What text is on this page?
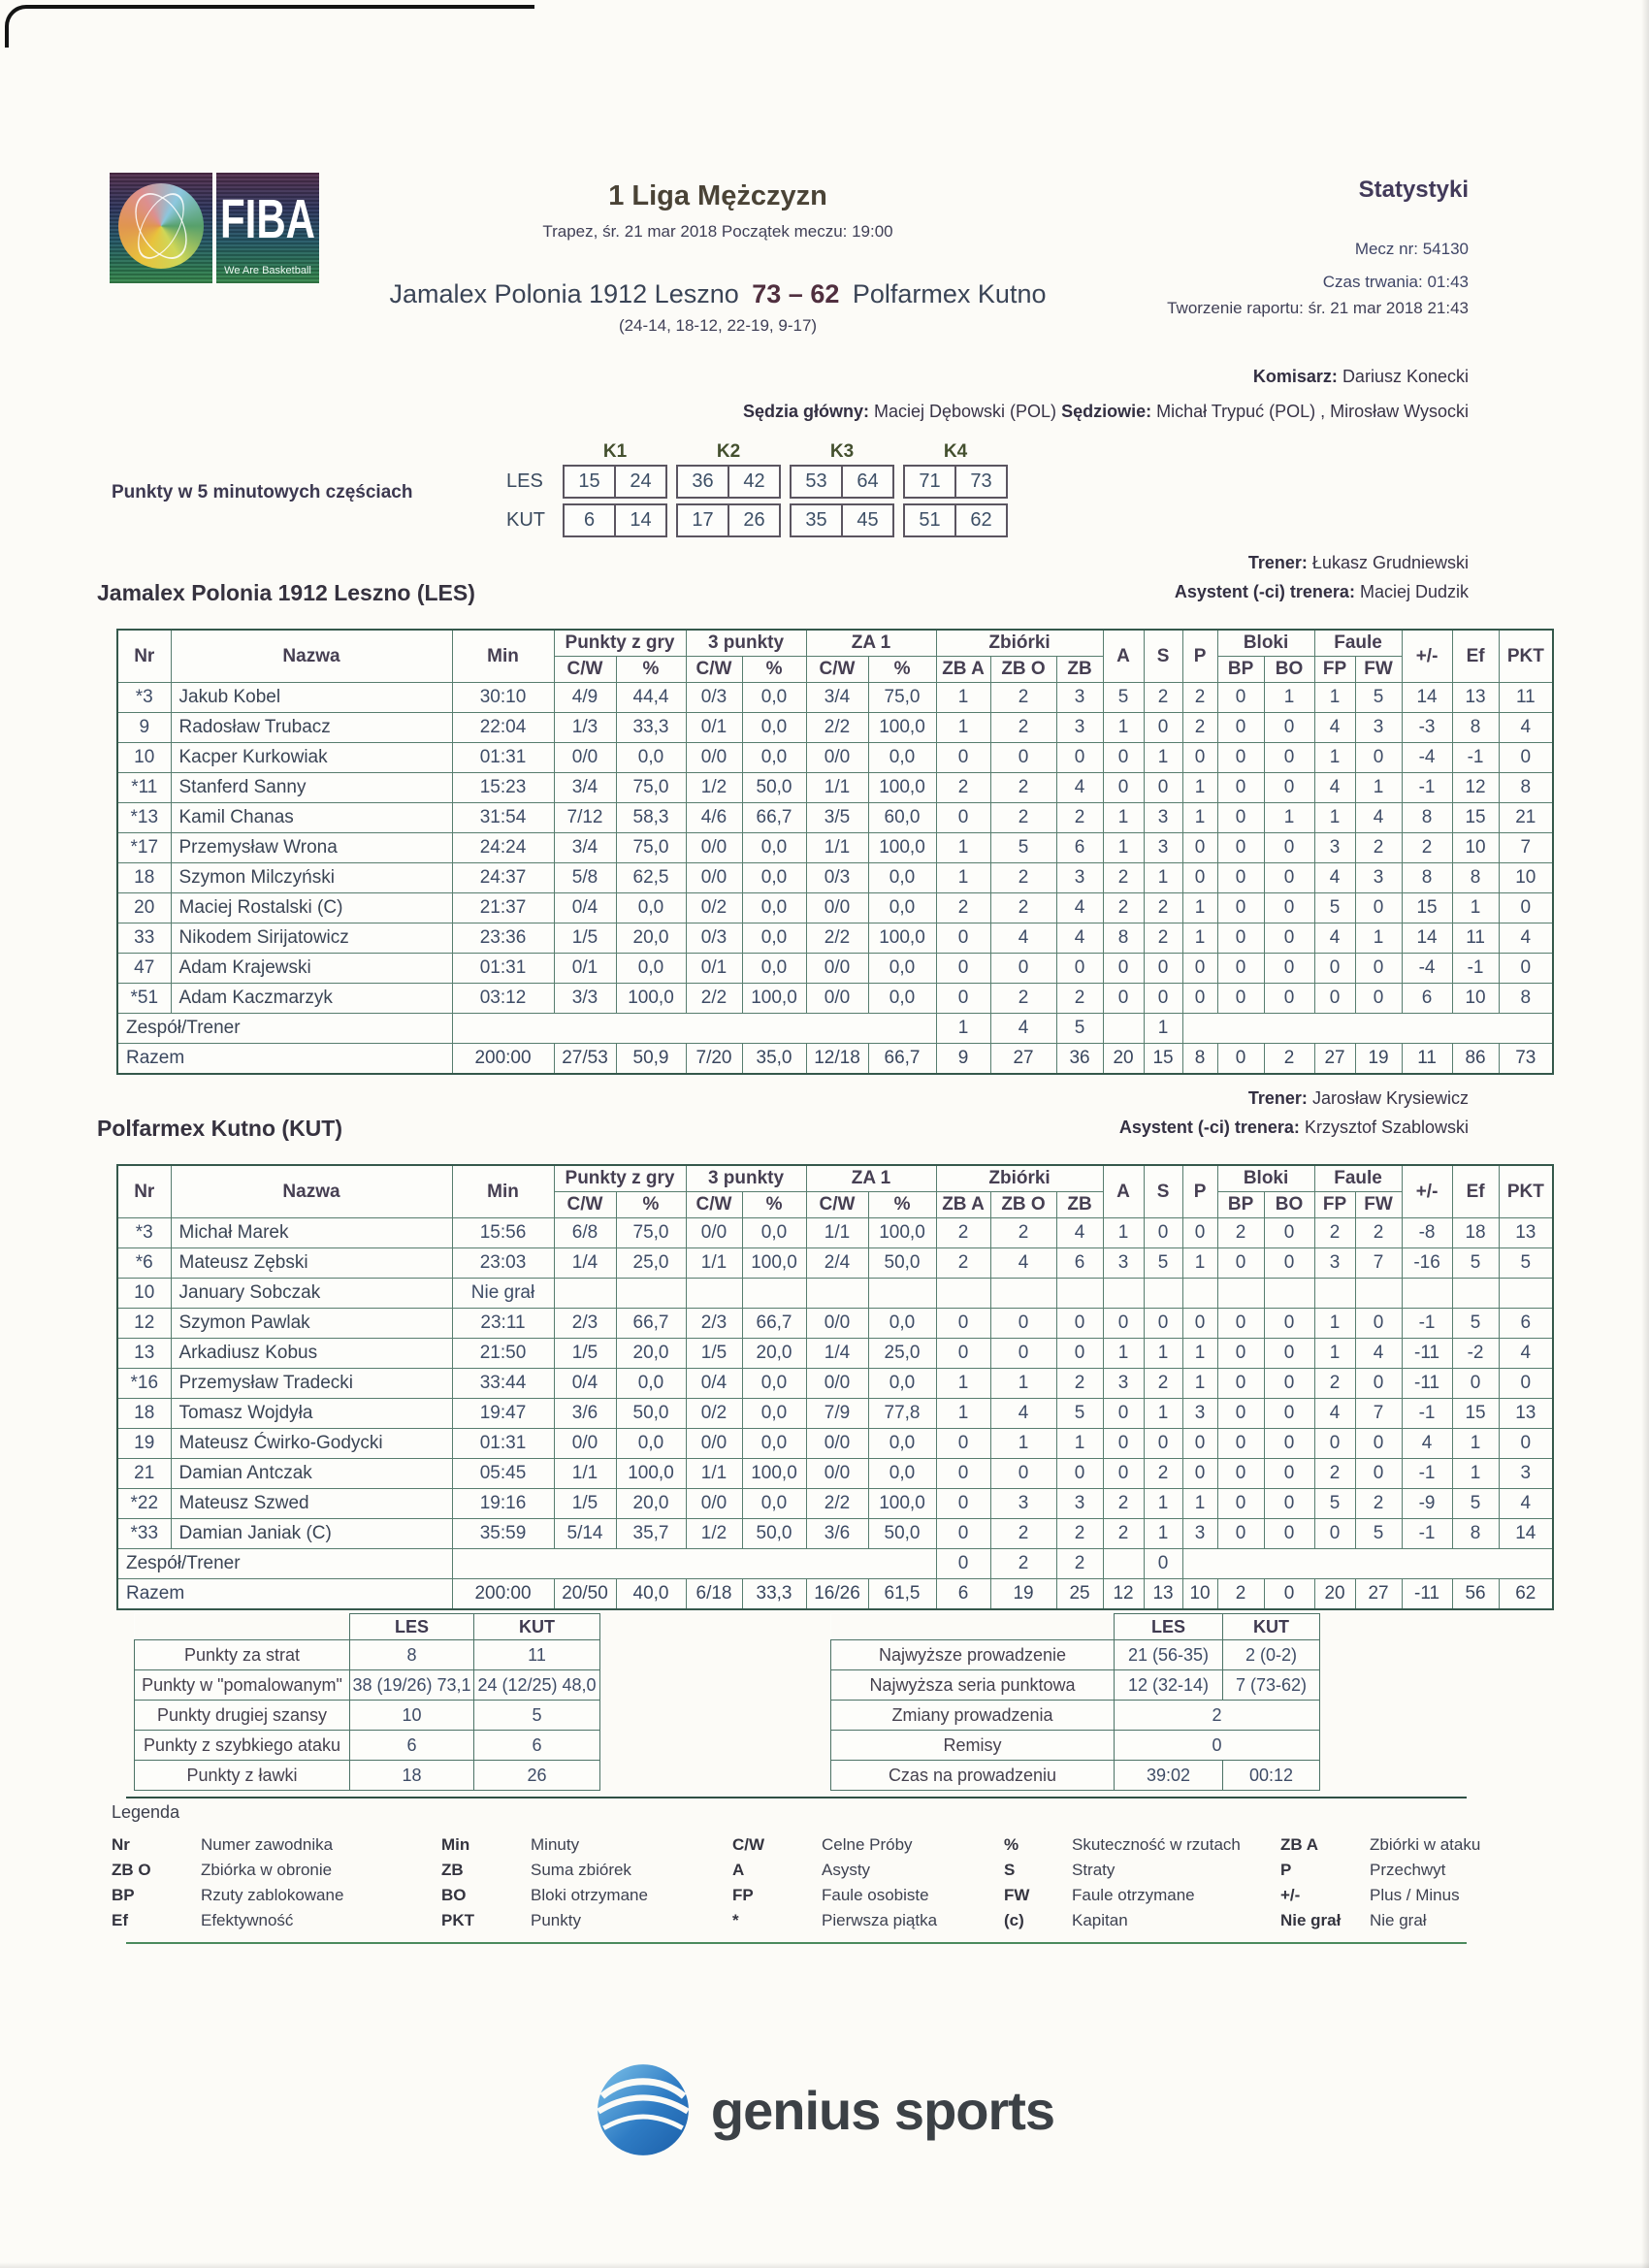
FIBA
We Are Basketball
1 Liga Mężczyzn
Trapez, śr. 21 mar 2018 Początek meczu: 19:00
Statystyki
Mecz nr: 54130
Czas trwania: 01:43
Tworzenie raportu: śr. 21 mar 2018 21:43
Jamalex Polonia 1912 Leszno 73 – 62 Polfarmex Kutno
(24-14, 18-12, 22-19, 9-17)
Komisarz: Dariusz Konecki
Sędzia główny: Maciej Dębowski (POL) Sędziowie: Michał Trypuć (POL) , Mirosław Wysocki
Punkty w 5 minutowych częściach
K1	K2	K3	K4
LES	15	24	36	42	53	64	71	73
KUT	6	14	17	26	35	45	51	62
Jamalex Polonia 1912 Leszno (LES)
Trener: Łukasz Grudniewski
Asystent (-ci) trenera: Maciej Dudzik
Nr	Nazwa	Min	Punkty z gry		3 punkty		ZA 1		Zbiórki			A	S	P	Bloki		Faule		+/-	Ef	PKT
			C/W	%	C/W	%	C/W	%	ZB A	ZB O	ZB				BP	BO	FP	FW			
*3	Jakub Kobel	30:10	4/9	44,4	0/3	0,0	3/4	75,0	1	2	3	5	2	2	0	1	1	5	14	13	11
9	Radosław Trubacz	22:04	1/3	33,3	0/1	0,0	2/2	100,0	1	2	3	1	0	2	0	0	4	3	-3	8	4
10	Kacper Kurkowiak	01:31	0/0	0,0	0/0	0,0	0/0	0,0	0	0	0	0	1	0	0	0	1	0	-4	-1	0
*11	Stanferd Sanny	15:23	3/4	75,0	1/2	50,0	1/1	100,0	2	2	4	0	0	1	0	0	4	1	-1	12	8
*13	Kamil Chanas	31:54	7/12	58,3	4/6	66,7	3/5	60,0	0	2	2	1	3	1	0	1	1	4	8	15	21
*17	Przemysław Wrona	24:24	3/4	75,0	0/0	0,0	1/1	100,0	1	5	6	1	3	0	0	0	3	2	2	10	7
18	Szymon Milczyński	24:37	5/8	62,5	0/0	0,0	0/3	0,0	1	2	3	2	1	0	0	0	4	3	8	8	10
20	Maciej Rostalski (C)	21:37	0/4	0,0	0/2	0,0	0/0	0,0	2	2	4	2	2	1	0	0	5	0	15	1	0
33	Nikodem Sirijatowicz	23:36	1/5	20,0	0/3	0,0	2/2	100,0	0	4	4	8	2	1	0	0	4	1	14	11	4
47	Adam Krajewski	01:31	0/1	0,0	0/1	0,0	0/0	0,0	0	0	0	0	0	0	0	0	0	0	-4	-1	0
*51	Adam Kaczmarzyk	03:12	3/3	100,0	2/2	100,0	0/0	0,0	0	2	2	0	0	0	0	0	0	0	6	10	8
Zespół/Trener									1	4	5		1								
Razem		200:00	27/53	50,9	7/20	35,0	12/18	66,7	9	27	36	20	15	8	0	2	27	19	11	86	73
Polfarmex Kutno (KUT)
Trener: Jarosław Krysiewicz
Asystent (-ci) trenera: Krzysztof Szablowski
Nr	Nazwa	Min	Punkty z gry		3 punkty		ZA 1		Zbiórki			A	S	P	Bloki		Faule		+/-	Ef	PKT
			C/W	%	C/W	%	C/W	%	ZB A	ZB O	ZB				BP	BO	FP	FW			
*3	Michał Marek	15:56	6/8	75,0	0/0	0,0	1/1	100,0	2	2	4	1	0	0	2	0	2	2	-8	18	13
*6	Mateusz Zębski	23:03	1/4	25,0	1/1	100,0	2/4	50,0	2	4	6	3	5	1	0	0	3	7	-16	5	5
10	January Sobczak	Nie grał																			
12	Szymon Pawlak	23:11	2/3	66,7	2/3	66,7	0/0	0,0	0	0	0	0	0	0	0	0	1	0	-1	5	6
13	Arkadiusz Kobus	21:50	1/5	20,0	1/5	20,0	1/4	25,0	0	0	0	1	1	1	0	0	1	4	-11	-2	4
*16	Przemysław Tradecki	33:44	0/4	0,0	0/4	0,0	0/0	0,0	1	1	2	3	2	1	0	0	2	0	-11	0	0
18	Tomasz Wojdyła	19:47	3/6	50,0	0/2	0,0	7/9	77,8	1	4	5	0	1	3	0	0	4	7	-1	15	13
19	Mateusz Ćwirko-Godycki	01:31	0/0	0,0	0/0	0,0	0/0	0,0	0	1	1	0	0	0	0	0	0	0	4	1	0
21	Damian Antczak	05:45	1/1	100,0	1/1	100,0	0/0	0,0	0	0	0	0	2	0	0	0	2	0	-1	1	3
*22	Mateusz Szwed	19:16	1/5	20,0	0/0	0,0	2/2	100,0	0	3	3	2	1	1	0	0	5	2	-9	5	4
*33	Damian Janiak (C)	35:59	5/14	35,7	1/2	50,0	3/6	50,0	0	2	2	2	1	3	0	0	0	5	-1	8	14
Zespół/Trener									0	2	2		0								
Razem		200:00	20/50	40,0	6/18	33,3	16/26	61,5	6	19	25	12	13	10	2	0	20	27	-11	56	62
	LES	KUT
Punkty za strat	8	11
Punkty w "pomalowanym"	38 (19/26) 73,1	24 (12/25) 48,0
Punkty drugiej szansy	10	5
Punkty z szybkiego ataku	6	6
Punkty z ławki	18	26
	LES	KUT
Najwyższe prowadzenie	21 (56-35)	2 (0-2)
Najwyższa seria punktowa	12 (32-14)	7 (73-62)
Zmiany prowadzenia	2	
Remisy	0	
Czas na prowadzeniu	39:02	00:12
Legenda
Nr	Numer zawodnika
ZB O	Zbiórka w obronie
BP	Rzuty zablokowane
Ef	Efektywność
Min	Minuty
ZB	Suma zbiórek
BO	Bloki otrzymane
PKT	Punkty
C/W	Celne Próby
A	Asysty
FP	Faule osobiste
*	Pierwsza piątka
%	Skuteczność w rzutach
S	Straty
FW	Faule otrzymane
(c)	Kapitan
ZB A	Zbiórki w ataku
P	Przechwyt
+/-	Plus / Minus
Nie grał	Nie grał
genius sports
